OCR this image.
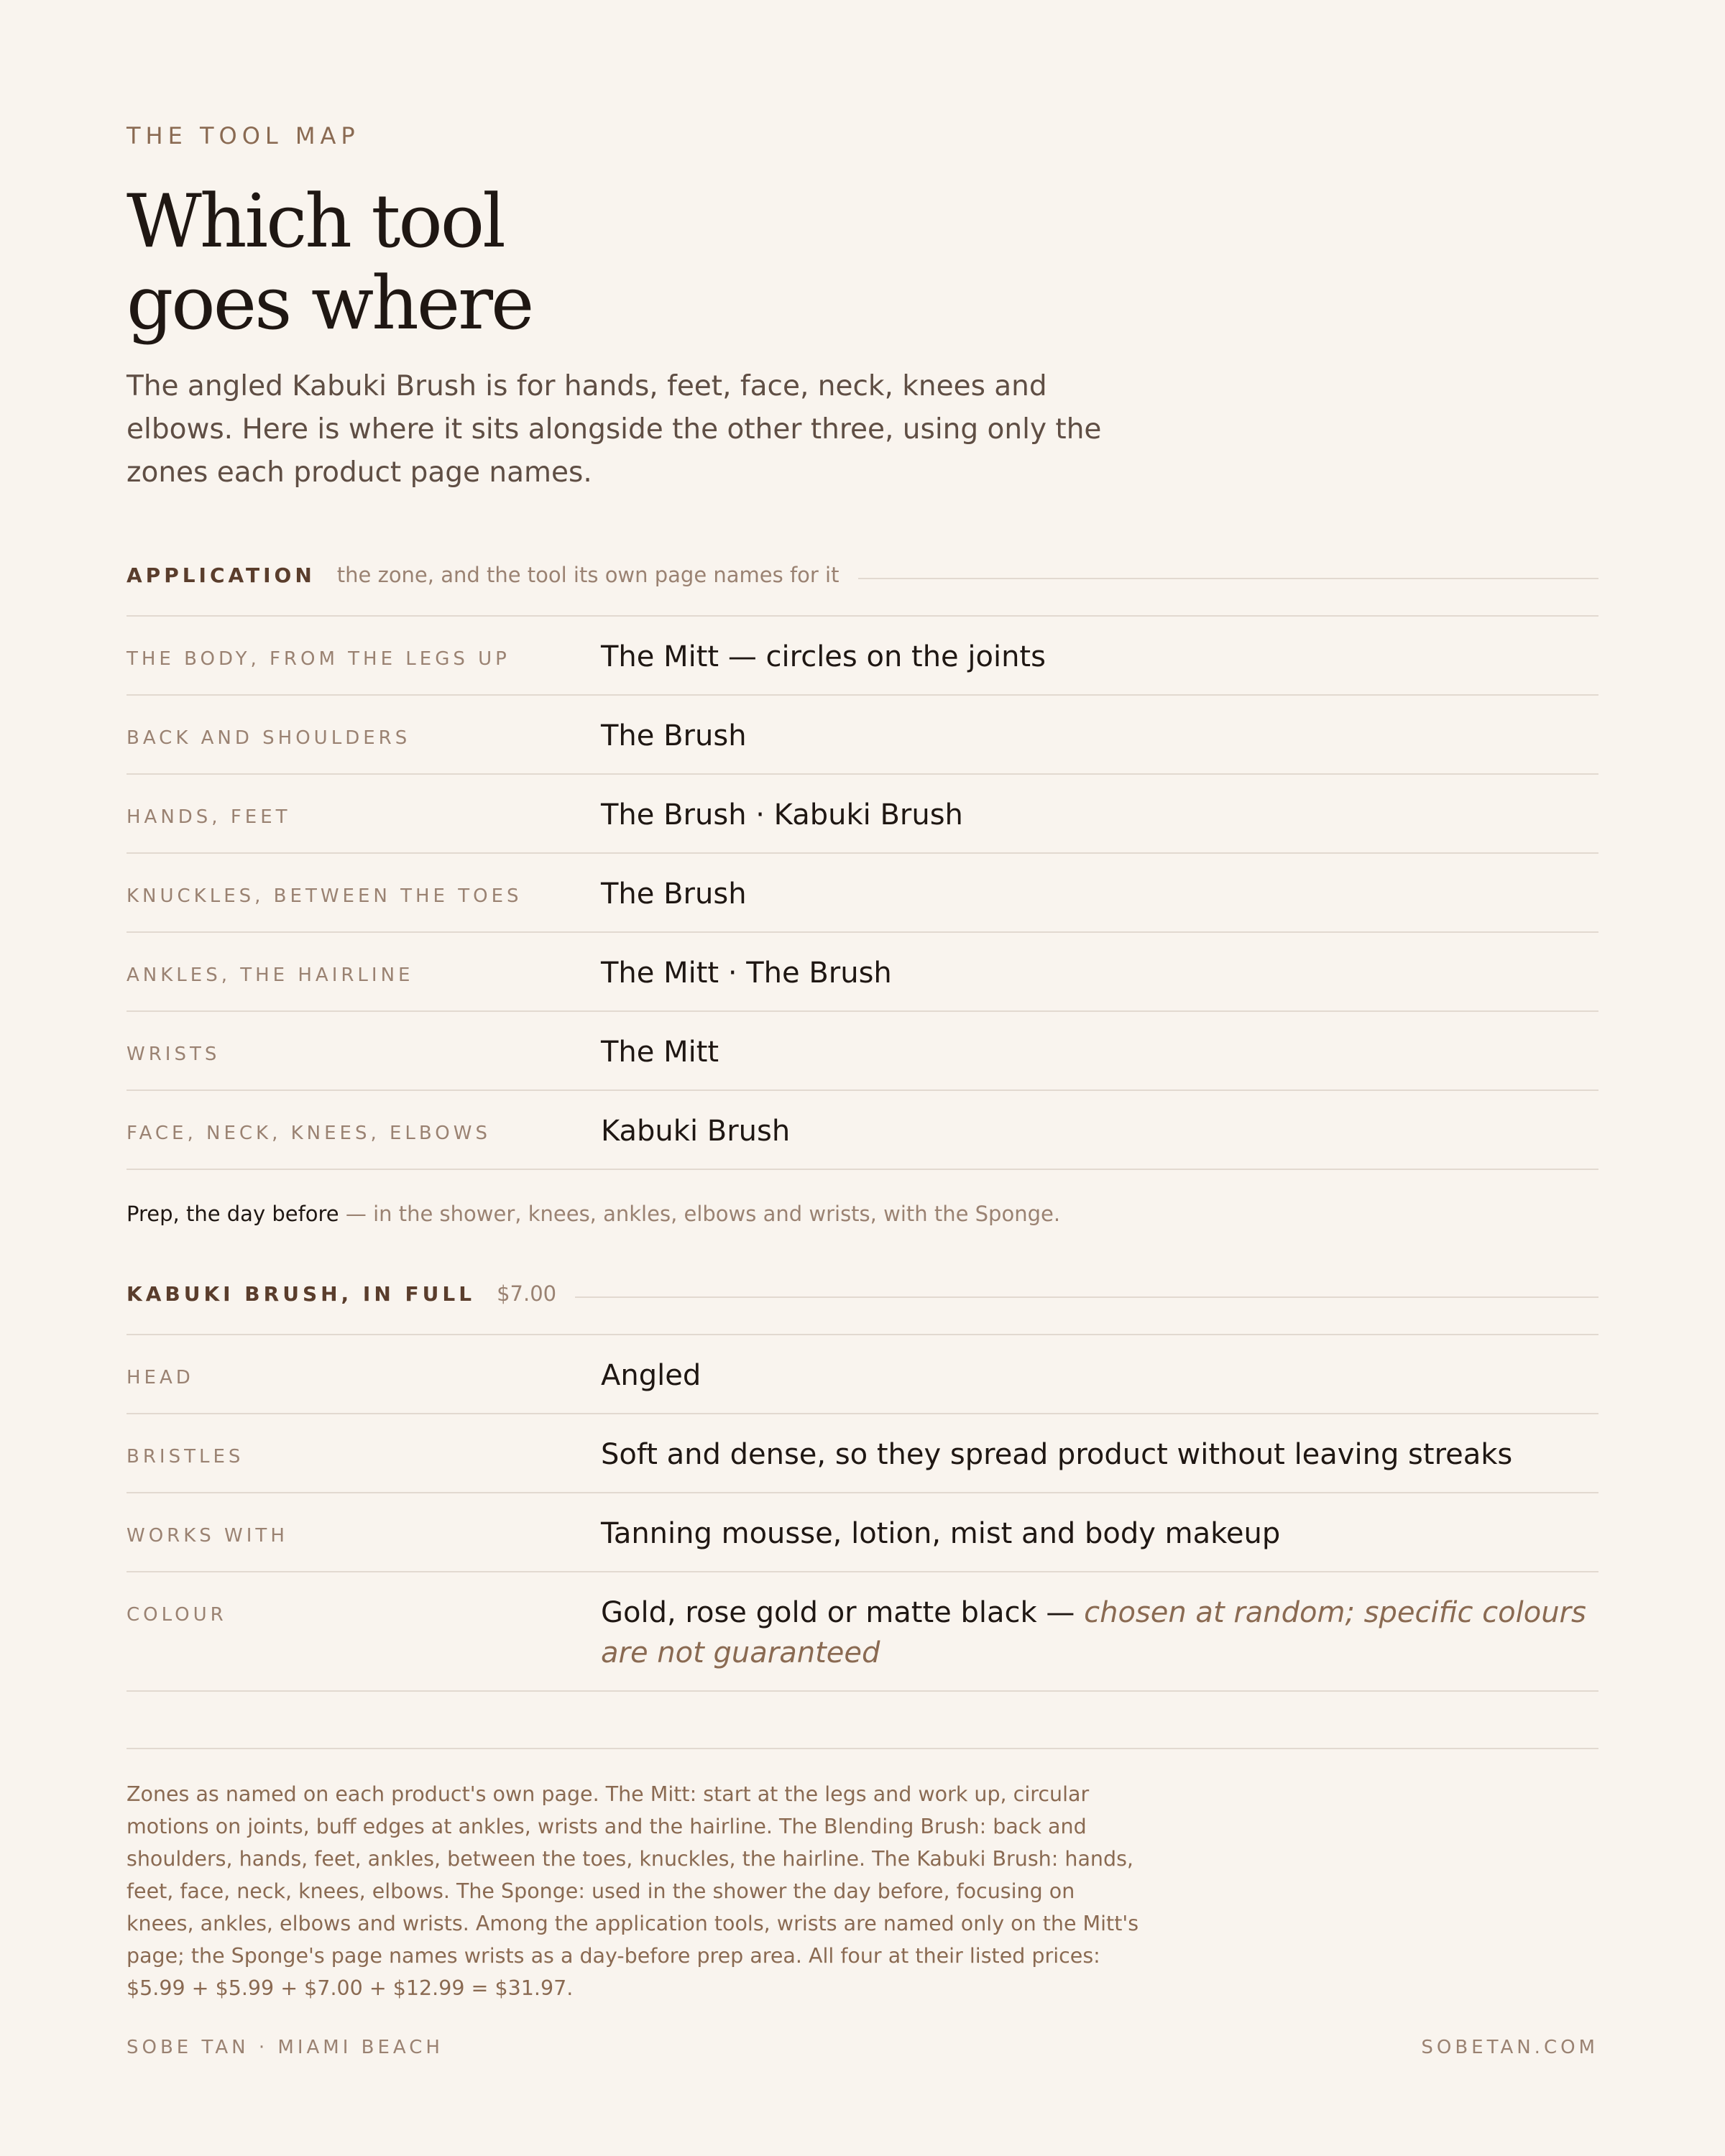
THE TOOL MAP
Which tool
goes where

The angled Kabuki Brush is for hands, feet, face, neck, knees and elbows. Here is where it sits alongside the other three, using only the zones each product page names.

APPLICATION the zone, and the tool its own page names for it
THE BODY, FROM THE LEGS UP	The Mitt — circles on the joints
BACK AND SHOULDERS	The Brush
HANDS, FEET	The Brush · Kabuki Brush
KNUCKLES, BETWEEN THE TOES	The Brush
ANKLES, THE HAIRLINE	The Mitt · The Brush
WRISTS	The Mitt
FACE, NECK, KNEES, ELBOWS	Kabuki Brush
Prep, the day before — in the shower, knees, ankles, elbows and wrists, with the Sponge.
KABUKI BRUSH, IN FULL $7.00
HEAD	Angled
BRISTLES	Soft and dense, so they spread product without leaving streaks
WORKS WITH	Tanning mousse, lotion, mist and body makeup
COLOUR	Gold, rose gold or matte black — chosen at random; specific colours are not guaranteed

Zones as named on each product's own page. The Mitt: start at the legs and work up, circular motions on joints, buff edges at ankles, wrists and the hairline. The Blending Brush: back and shoulders, hands, feet, ankles, between the toes, knuckles, the hairline. The Kabuki Brush: hands, feet, face, neck, knees, elbows. The Sponge: used in the shower the day before, focusing on knees, ankles, elbows and wrists. Among the application tools, wrists are named only on the Mitt's page; the Sponge's page names wrists as a day-before prep area. All four at their listed prices: $5.99 + $5.99 + $7.00 + $12.99 = $31.97.

SOBE TAN · MIAMI BEACH	SOBETAN.COM
